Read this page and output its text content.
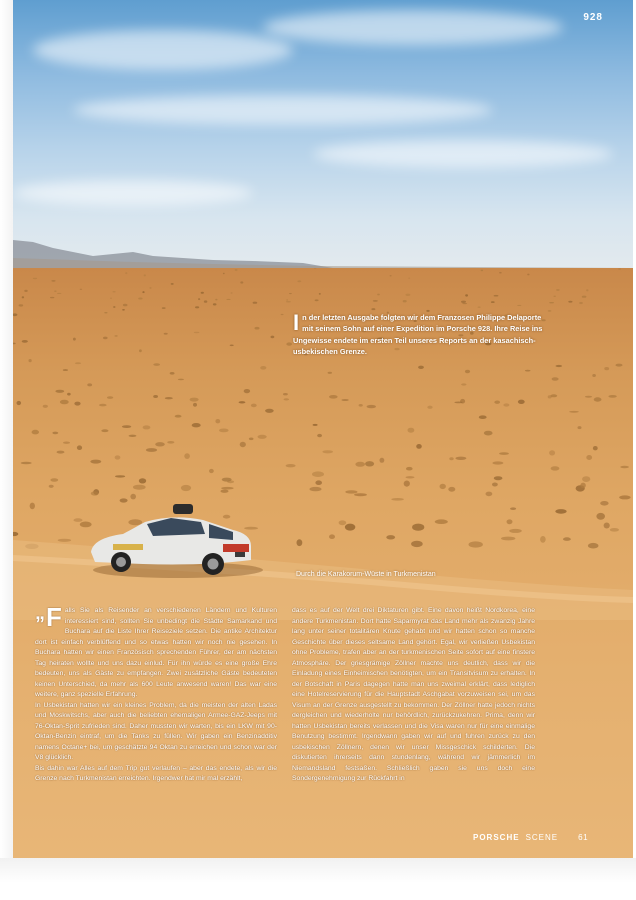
928
In der letzten Ausgabe folgten wir dem Franzosen Philippe Delaporte mit seinem Sohn auf einer Expedition im Porsche 928. Ihre Reise ins Ungewisse endete im ersten Teil unseres Reports an der kasachisch-usbekischen Grenze.
Durch die Karakorum-Wüste in Turkmenistan
„ F alls Sie als Reisender an verschiedenen Ländern und Kulturen interessiert sind, sollten Sie unbedingt die Städte Samarkand und Buchara auf die Liste Ihrer Reiseziele setzen. Die antike Architektur dort ist einfach verblüffend und so etwas hatten wir noch nie gesehen. In Buchara hatten wir einen Französisch sprechenden Führer, der am nächsten Tag heiraten wollte und uns dazu einlud. Für ihn würde es eine große Ehre bedeuten, uns als Gäste zu empfangen. Zwei zusätzliche Gäste bedeuteten keinen Unterschied, da mehr als 600 Leute anwesend waren! Das war eine weitere, ganz spezielle Erfahrung.
In Usbekistan hatten wir ein kleines Problem, da die meisten der alten Ladas und Moskwitschs, aber auch die beliebten ehemaligen Armee-GAZ-Jeeps mit 76-Oktan-Sprit zufrieden sind. Daher mussten wir warten, bis ein LKW mit 90-Oktan-Benzin eintraf, um die Tanks zu füllen. Wir gaben ein Benzinadditiv namens Octane+ bei, um geschätzte 94 Oktan zu erreichen und schon war der V8 glücklich.
Bis dahin war Alles auf dem Trip gut verlaufen – aber das endete, als wir die Grenze nach Turkmenistan erreichten. Irgendwer hat mir mal erzählt,
dass es auf der Welt drei Diktaturen gibt. Eine davon heißt Nordkorea, eine andere Turkmenistan. Dort hatte Saparmyrat das Land mehr als zwanzig Jahre lang unter seiner totalitären Knute gehabt und wir hatten schon so manche Geschichte über dieses seltsame Land gehört. Egal, wir verließen Usbekistan ohne Probleme, trafen aber an der turkmenischen Seite sofort auf eine finstere Atmosphäre. Der griesgrämige Zöllner machte uns deutlich, dass wir die Einladung eines Einheimischen benötigten, um ein Transitvisum zu erhalten. In der Botschaft in Paris dagegen hatte man uns zweimal erklärt, dass lediglich eine Hotelreservierung für die Hauptstadt Aschgabat vorzuweisen sei, um das Visum an der Grenze ausgestellt zu bekommen. Der Zöllner hatte jedoch nichts dergleichen und wiederholte nur behördlich, zurückzukehren. Prima, denn wir hatten Usbekistan bereits verlassen und die Visa waren nur für eine einmalige Benutzung bestimmt. Irgendwann gaben wir auf und fuhren zurück zu den usbekischen Zöllnern, denen wir unser Missgeschick schilderten. Die diskutierten ihrerseits dann stundenlang, während wir jämmerlich im Niemandsland festsaßen. Schließlich gaben sie uns doch eine Sondergenehmigung zur Rückfahrt in
PORSCHE SCENE	61
